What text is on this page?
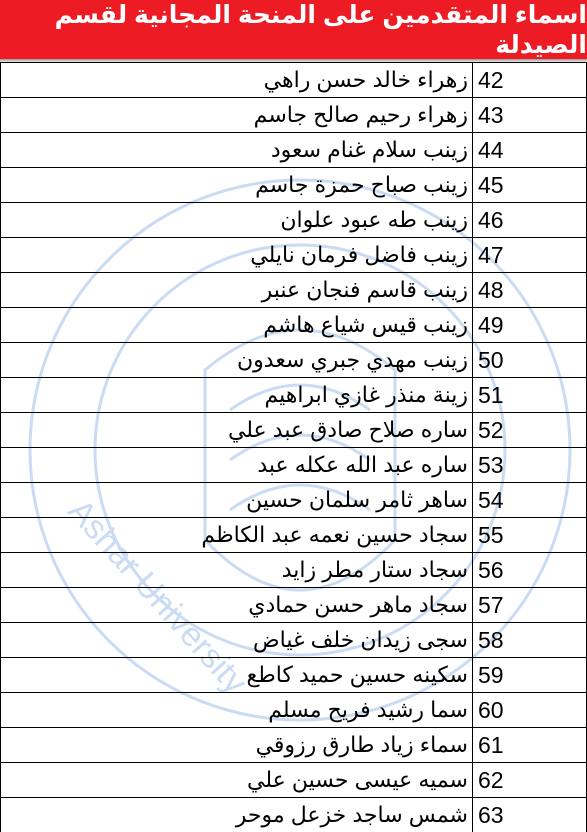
اسماء المتقدمين على المنحة المجانية لقسم الصيدلة
Ashar University
42	زهراء خالد حسن راهي
43	زهراء رحيم صالح جاسم
44	زينب سلام غنام سعود
45	زينب صباح حمزة جاسم
46	زينب طه عبود علوان
47	زينب فاضل فرمان نايلي
48	زينب قاسم فنجان عنبر
49	زينب قيس شياع هاشم
50	زينب مهدي جبري سعدون
51	زينة منذر غازي ابراهيم
52	ساره صلاح صادق عبد علي
53	ساره عبد الله عكله عبد
54	ساهر ثامر سلمان حسين
55	سجاد حسين نعمه عبد الكاظم
56	سجاد ستار مطر زايد
57	سجاد ماهر حسن حمادي
58	سجى زيدان خلف غياض
59	سكينه حسين حميد كاطع
60	سما رشيد فريح مسلم
61	سماء زياد طارق رزوقي
62	سميه عيسى حسين علي
63	شمس ساجد خزعل موحر
